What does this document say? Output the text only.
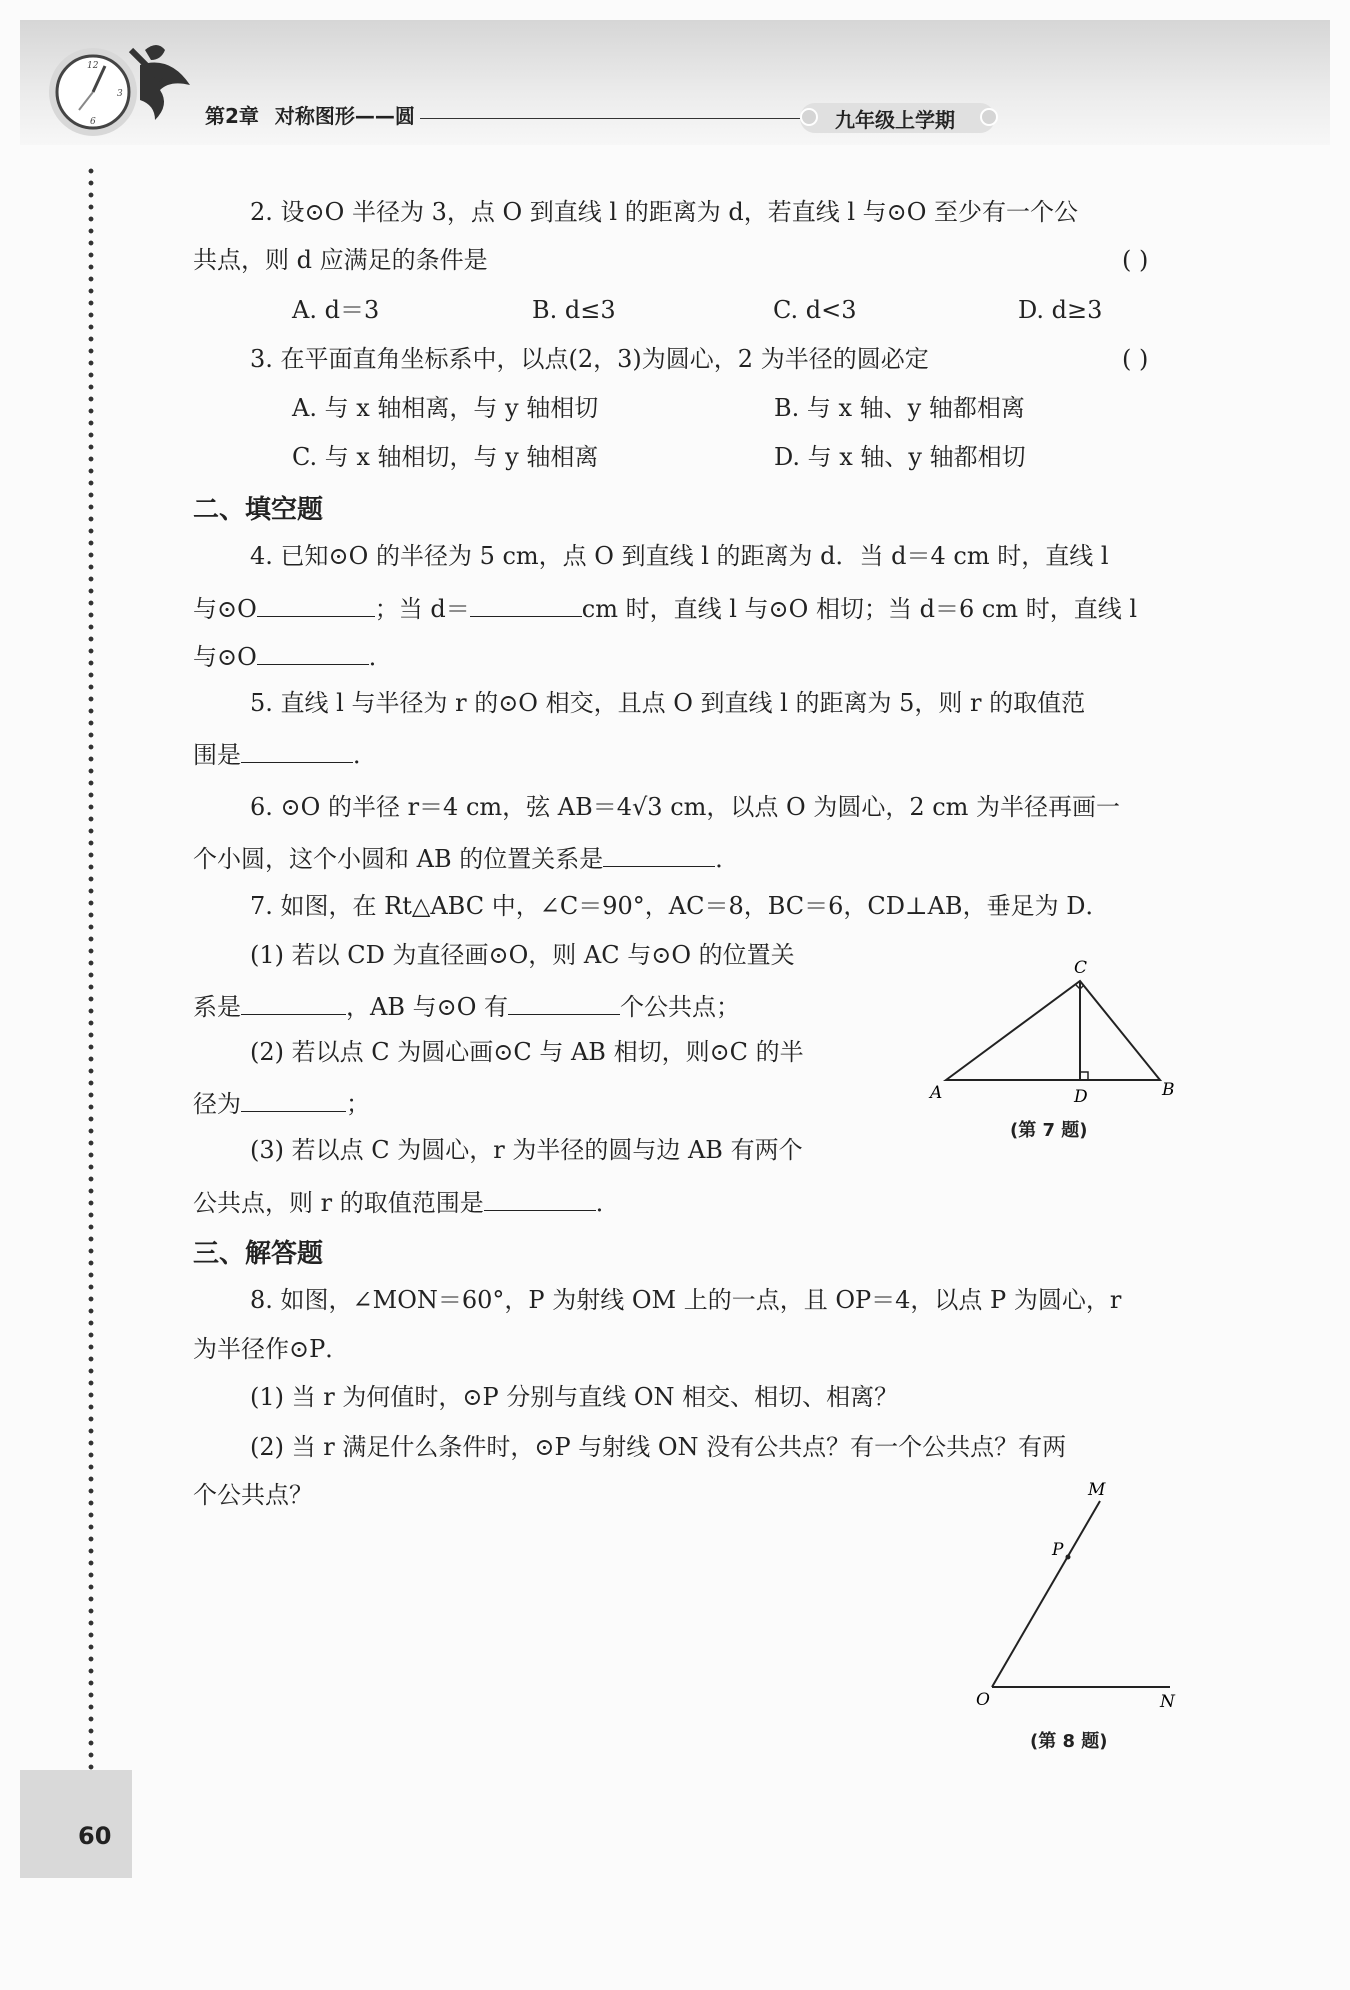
12
3
6	第2章 对称图形——圆	九年级上学期
2. 设⊙O 半径为 3，点 O 到直线 l 的距离为 d，若直线 l 与⊙O 至少有一个公
共点，则 d 应满足的条件是	( )
A. d＝3	B. d≤3	C. d<3	D. d≥3
3. 在平面直角坐标系中，以点(2，3)为圆心，2 为半径的圆必定	( )
A. 与 x 轴相离，与 y 轴相切	B. 与 x 轴、y 轴都相离
C. 与 x 轴相切，与 y 轴相离	D. 与 x 轴、y 轴都相切
二、填空题
4. 已知⊙O 的半径为 5 cm，点 O 到直线 l 的距离为 d．当 d＝4 cm 时，直线 l
与⊙O	；当 d＝	cm 时，直线 l 与⊙O 相切；当 d＝6 cm 时，直线 l
与⊙O	．
5. 直线 l 与半径为 r 的⊙O 相交，且点 O 到直线 l 的距离为 5，则 r 的取值范
围是	．
6. ⊙O 的半径 r＝4 cm，弦 AB＝4√3 cm，以点 O 为圆心，2 cm 为半径再画一
个小圆，这个小圆和 AB 的位置关系是	．
7. 如图，在 Rt△ABC 中，∠C＝90°，AC＝8，BC＝6，CD⊥AB，垂足为 D．
(1) 若以 CD 为直径画⊙O，则 AC 与⊙O 的位置关
系是	，AB 与⊙O 有	个公共点；
(2) 若以点 C 为圆心画⊙C 与 AB 相切，则⊙C 的半
径为	；
(3) 若以点 C 为圆心，r 为半径的圆与边 AB 有两个
公共点，则 r 的取值范围是	．
A	B
C
D
(第 7 题)
三、解答题
8. 如图，∠MON＝60°，P 为射线 OM 上的一点，且 OP＝4，以点 P 为圆心，r
为半径作⊙P．
(1) 当 r 为何值时，⊙P 分别与直线 ON 相交、相切、相离？
(2) 当 r 满足什么条件时，⊙P 与射线 ON 没有公共点？有一个公共点？有两
个公共点？	M
P
O	N
(第 8 题)
60
